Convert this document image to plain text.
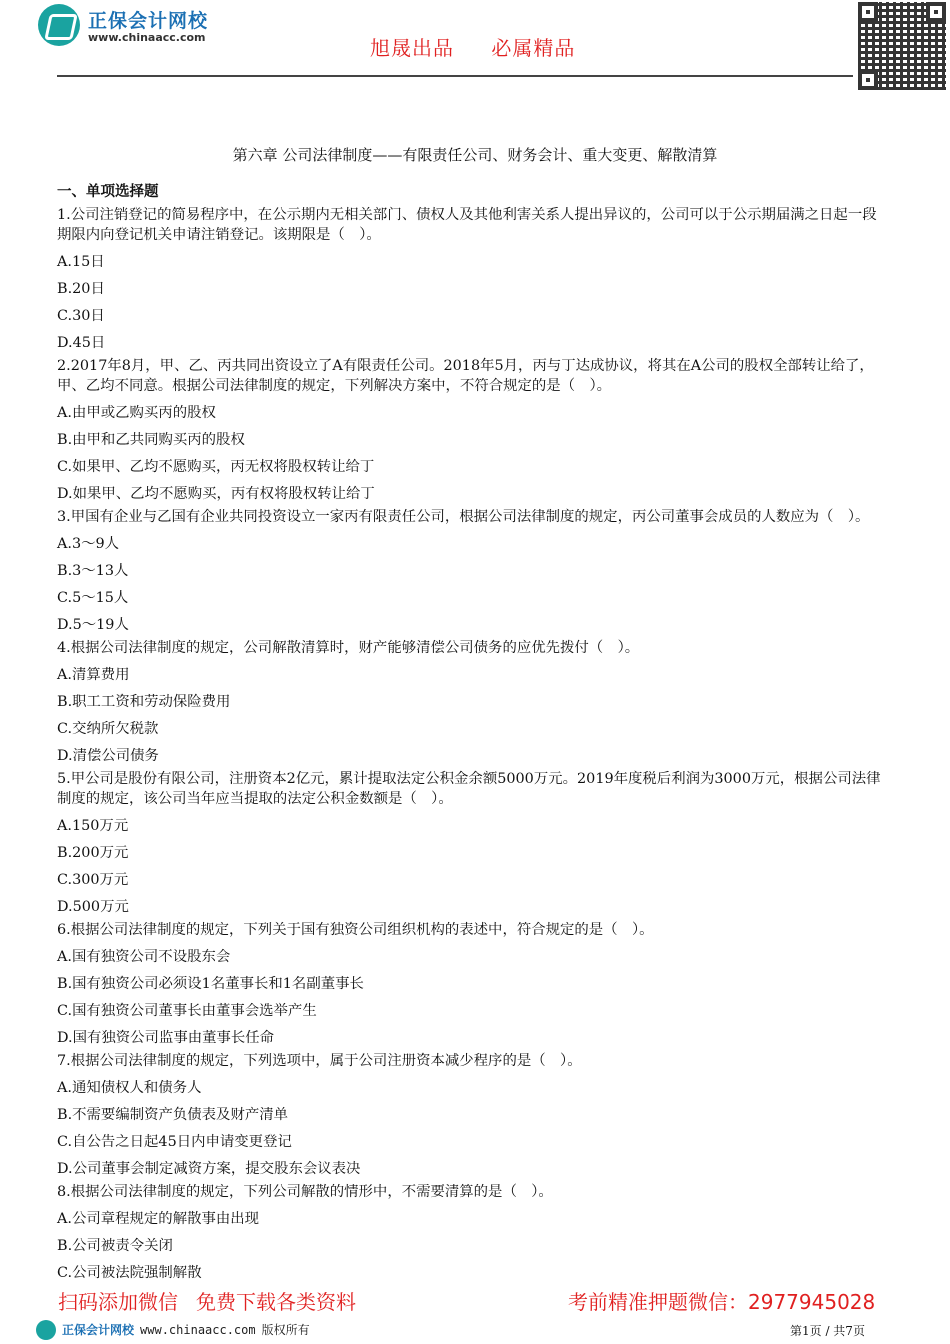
正保会计网校
www.chinaacc.com	旭晟出品 必属精品
第六章 公司法律制度——有限责任公司、财务会计、重大变更、解散清算
一、单项选择题

1.公司注销登记的简易程序中，在公示期内无相关部门、债权人及其他利害关系人提出异议的，公司可以于公示期届满之日起一段期限内向登记机关申请注销登记。该期限是（　）。

A.15日
B.20日
C.30日
D.45日

2.2017年8月，甲、乙、丙共同出资设立了A有限责任公司。2018年5月，丙与丁达成协议，将其在A公司的股权全部转让给了，甲、乙均不同意。根据公司法律制度的规定，下列解决方案中，不符合规定的是（　）。

A.由甲或乙购买丙的股权
B.由甲和乙共同购买丙的股权
C.如果甲、乙均不愿购买，丙无权将股权转让给丁
D.如果甲、乙均不愿购买，丙有权将股权转让给丁

3.甲国有企业与乙国有企业共同投资设立一家丙有限责任公司，根据公司法律制度的规定，丙公司董事会成员的人数应为（　）。

A.3～9人
B.3～13人
C.5～15人
D.5～19人

4.根据公司法律制度的规定，公司解散清算时，财产能够清偿公司债务的应优先拨付（　）。

A.清算费用
B.职工工资和劳动保险费用
C.交纳所欠税款
D.清偿公司债务

5.甲公司是股份有限公司，注册资本2亿元，累计提取法定公积金余额5000万元。2019年度税后利润为3000万元，根据公司法律制度的规定，该公司当年应当提取的法定公积金数额是（　）。

A.150万元
B.200万元
C.300万元
D.500万元

6.根据公司法律制度的规定，下列关于国有独资公司组织机构的表述中，符合规定的是（　）。

A.国有独资公司不设股东会
B.国有独资公司必须设1名董事长和1名副董事长
C.国有独资公司董事长由董事会选举产生
D.国有独资公司监事由董事长任命

7.根据公司法律制度的规定，下列选项中，属于公司注册资本减少程序的是（　）。

A.通知债权人和债务人
B.不需要编制资产负债表及财产清单
C.自公告之日起45日内申请变更登记
D.公司董事会制定减资方案，提交股东会议表决

8.根据公司法律制度的规定，下列公司解散的情形中，不需要清算的是（　）。

A.公司章程规定的解散事由出现
B.公司被责令关闭
C.公司被法院强制解散
扫码添加微信 免费下载各类资料	考前精准押题微信：2977945028
正保会计网校 www.chinaacc.com 版权所有	第1页 / 共7页
